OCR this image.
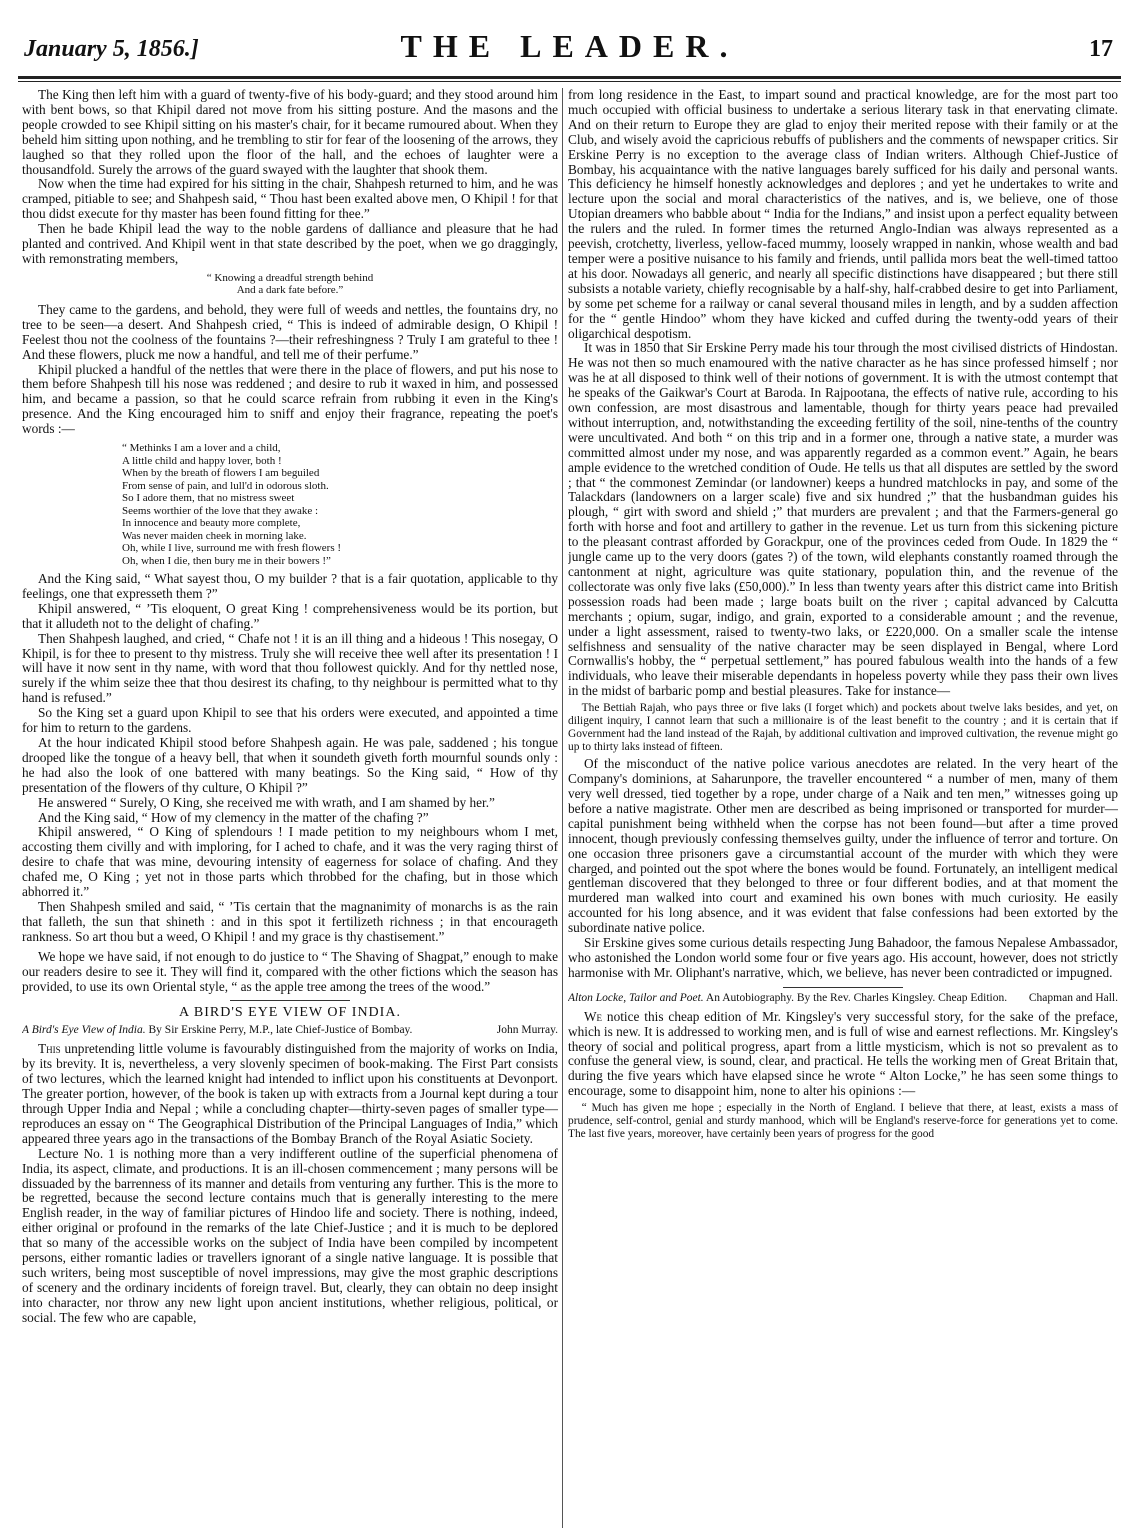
January 5, 1856.]	THE LEADER.	17

The King then left him with a guard of twenty-five of his body-guard; and they stood around him with bent bows, so that Khipil dared not move from his sitting posture. And the masons and the people crowded to see Khipil sitting on his master's chair, for it became rumoured about. When they beheld him sitting upon nothing, and he trembling to stir for fear of the loosening of the arrows, they laughed so that they rolled upon the floor of the hall, and the echoes of laughter were a thousandfold. Surely the arrows of the guard swayed with the laughter that shook them.

Now when the time had expired for his sitting in the chair, Shahpesh returned to him, and he was cramped, pitiable to see; and Shahpesh said, “ Thou hast been exalted above men, O Khipil ! for that thou didst execute for thy master has been found fitting for thee.”

Then he bade Khipil lead the way to the noble gardens of dalliance and pleasure that he had planted and contrived. And Khipil went in that state described by the poet, when we go draggingly, with remonstrating members,

“ Knowing a dreadful strength behind
And a dark fate before.”

They came to the gardens, and behold, they were full of weeds and nettles, the fountains dry, no tree to be seen—a desert. And Shahpesh cried, “ This is indeed of admirable design, O Khipil ! Feelest thou not the coolness of the fountains ?—their refreshingness ? Truly I am grateful to thee ! And these flowers, pluck me now a handful, and tell me of their perfume.”

Khipil plucked a handful of the nettles that were there in the place of flowers, and put his nose to them before Shahpesh till his nose was reddened ; and desire to rub it waxed in him, and possessed him, and became a passion, so that he could scarce refrain from rubbing it even in the King's presence. And the King encouraged him to sniff and enjoy their fragrance, repeating the poet's words :—

“ Methinks I am a lover and a child,
A little child and happy lover, both !
When by the breath of flowers I am beguiled
From sense of pain, and lull'd in odorous sloth.
So I adore them, that no mistress sweet
Seems worthier of the love that they awake :
In innocence and beauty more complete,
Was never maiden cheek in morning lake.
Oh, while I live, surround me with fresh flowers !
Oh, when I die, then bury me in their bowers !”

And the King said, “ What sayest thou, O my builder ? that is a fair quotation, applicable to thy feelings, one that expresseth them ?”

Khipil answered, “ ’Tis eloquent, O great King ! comprehensiveness would be its portion, but that it alludeth not to the delight of chafing.”

Then Shahpesh laughed, and cried, “ Chafe not ! it is an ill thing and a hideous ! This nosegay, O Khipil, is for thee to present to thy mistress. Truly she will receive thee well after its presentation ! I will have it now sent in thy name, with word that thou followest quickly. And for thy nettled nose, surely if the whim seize thee that thou desirest its chafing, to thy neighbour is permitted what to thy hand is refused.”

So the King set a guard upon Khipil to see that his orders were executed, and appointed a time for him to return to the gardens.

At the hour indicated Khipil stood before Shahpesh again. He was pale, saddened ; his tongue drooped like the tongue of a heavy bell, that when it soundeth giveth forth mournful sounds only : he had also the look of one battered with many beatings. So the King said, “ How of thy presentation of the flowers of thy culture, O Khipil ?”

He answered “ Surely, O King, she received me with wrath, and I am shamed by her.”

And the King said, “ How of my clemency in the matter of the chafing ?”

Khipil answered, “ O King of splendours ! I made petition to my neighbours whom I met, accosting them civilly and with imploring, for I ached to chafe, and it was the very raging thirst of desire to chafe that was mine, devouring intensity of eagerness for solace of chafing. And they chafed me, O King ; yet not in those parts which throbbed for the chafing, but in those which abhorred it.”

Then Shahpesh smiled and said, “ ’Tis certain that the magnanimity of monarchs is as the rain that falleth, the sun that shineth : and in this spot it fertilizeth richness ; in that encourageth rankness. So art thou but a weed, O Khipil ! and my grace is thy chastisement.”

We hope we have said, if not enough to do justice to “ The Shaving of Shagpat,” enough to make our readers desire to see it. They will find it, compared with the other fictions which the season has provided, to use its own Oriental style, “ as the apple tree among the trees of the wood.”

A BIRD'S EYE VIEW OF INDIA.
A Bird's Eye View of India. By Sir Erskine Perry, M.P., late Chief-Justice of Bombay.	John Murray.

This unpretending little volume is favourably distinguished from the majority of works on India, by its brevity. It is, nevertheless, a very slovenly specimen of book-making. The First Part consists of two lectures, which the learned knight had intended to inflict upon his constituents at Devonport. The greater portion, however, of the book is taken up with extracts from a Journal kept during a tour through Upper India and Nepal ; while a concluding chapter—thirty-seven pages of smaller type—reproduces an essay on “ The Geographical Distribution of the Principal Languages of India,” which appeared three years ago in the transactions of the Bombay Branch of the Royal Asiatic Society.

Lecture No. 1 is nothing more than a very indifferent outline of the superficial phenomena of India, its aspect, climate, and productions. It is an ill-chosen commencement ; many persons will be dissuaded by the barrenness of its manner and details from venturing any further. This is the more to be regretted, because the second lecture contains much that is generally interesting to the mere English reader, in the way of familiar pictures of Hindoo life and society. There is nothing, indeed, either original or profound in the remarks of the late Chief-Justice ; and it is much to be deplored that so many of the accessible works on the subject of India have been compiled by incompetent persons, either romantic ladies or travellers ignorant of a single native language. It is possible that such writers, being most susceptible of novel impressions, may give the most graphic descriptions of scenery and the ordinary incidents of foreign travel. But, clearly, they can obtain no deep insight into character, nor throw any new light upon ancient institutions, whether religious, political, or social. The few who are capable,

from long residence in the East, to impart sound and practical knowledge, are for the most part too much occupied with official business to undertake a serious literary task in that enervating climate. And on their return to Europe they are glad to enjoy their merited repose with their family or at the Club, and wisely avoid the capricious rebuffs of publishers and the comments of newspaper critics. Sir Erskine Perry is no exception to the average class of Indian writers. Although Chief-Justice of Bombay, his acquaintance with the native languages barely sufficed for his daily and personal wants. This deficiency he himself honestly acknowledges and deplores ; and yet he undertakes to write and lecture upon the social and moral characteristics of the natives, and is, we believe, one of those Utopian dreamers who babble about “ India for the Indians,” and insist upon a perfect equality between the rulers and the ruled. In former times the returned Anglo-Indian was always represented as a peevish, crotchetty, liverless, yellow-faced mummy, loosely wrapped in nankin, whose wealth and bad temper were a positive nuisance to his family and friends, until pallida mors beat the well-timed tattoo at his door. Nowadays all generic, and nearly all specific distinctions have disappeared ; but there still subsists a notable variety, chiefly recognisable by a half-shy, half-crabbed desire to get into Parliament, by some pet scheme for a railway or canal several thousand miles in length, and by a sudden affection for the “ gentle Hindoo” whom they have kicked and cuffed during the twenty-odd years of their oligarchical despotism.

It was in 1850 that Sir Erskine Perry made his tour through the most civilised districts of Hindostan. He was not then so much enamoured with the native character as he has since professed himself ; nor was he at all disposed to think well of their notions of government. It is with the utmost contempt that he speaks of the Gaikwar's Court at Baroda. In Rajpootana, the effects of native rule, according to his own confession, are most disastrous and lamentable, though for thirty years peace had prevailed without interruption, and, notwithstanding the exceeding fertility of the soil, nine-tenths of the country were uncultivated. And both “ on this trip and in a former one, through a native state, a murder was committed almost under my nose, and was apparently regarded as a common event.” Again, he bears ample evidence to the wretched condition of Oude. He tells us that all disputes are settled by the sword ; that “ the commonest Zemindar (or landowner) keeps a hundred matchlocks in pay, and some of the Talackdars (landowners on a larger scale) five and six hundred ;” that the husbandman guides his plough, “ girt with sword and shield ;” that murders are prevalent ; and that the Farmers-general go forth with horse and foot and artillery to gather in the revenue. Let us turn from this sickening picture to the pleasant contrast afforded by Gorackpur, one of the provinces ceded from Oude. In 1829 the “ jungle came up to the very doors (gates ?) of the town, wild elephants constantly roamed through the cantonment at night, agriculture was quite stationary, population thin, and the revenue of the collectorate was only five laks (£50,000).” In less than twenty years after this district came into British possession roads had been made ; large boats built on the river ; capital advanced by Calcutta merchants ; opium, sugar, indigo, and grain, exported to a considerable amount ; and the revenue, under a light assessment, raised to twenty-two laks, or £220,000. On a smaller scale the intense selfishness and sensuality of the native character may be seen displayed in Bengal, where Lord Cornwallis's hobby, the “ perpetual settlement,” has poured fabulous wealth into the hands of a few individuals, who leave their miserable dependants in hopeless poverty while they pass their own lives in the midst of barbaric pomp and bestial pleasures. Take for instance—

The Bettiah Rajah, who pays three or five laks (I forget which) and pockets about twelve laks besides, and yet, on diligent inquiry, I cannot learn that such a millionaire is of the least benefit to the country ; and it is certain that if Government had the land instead of the Rajah, by additional cultivation and improved cultivation, the revenue might go up to thirty laks instead of fifteen.

Of the misconduct of the native police various anecdotes are related. In the very heart of the Company's dominions, at Saharunpore, the traveller encountered “ a number of men, many of them very well dressed, tied together by a rope, under charge of a Naik and ten men,” witnesses going up before a native magistrate. Other men are described as being imprisoned or transported for murder—capital punishment being withheld when the corpse has not been found—but after a time proved innocent, though previously confessing themselves guilty, under the influence of terror and torture. On one occasion three prisoners gave a circumstantial account of the murder with which they were charged, and pointed out the spot where the bones would be found. Fortunately, an intelligent medical gentleman discovered that they belonged to three or four different bodies, and at that moment the murdered man walked into court and examined his own bones with much curiosity. He easily accounted for his long absence, and it was evident that false confessions had been extorted by the subordinate native police.

Sir Erskine gives some curious details respecting Jung Bahadoor, the famous Nepalese Ambassador, who astonished the London world some four or five years ago. His account, however, does not strictly harmonise with Mr. Oliphant's narrative, which, we believe, has never been contradicted or impugned.

Alton Locke, Tailor and Poet. An Autobiography. By the Rev. Charles Kingsley. Cheap Edition. Chapman and Hall.

We notice this cheap edition of Mr. Kingsley's very successful story, for the sake of the preface, which is new. It is addressed to working men, and is full of wise and earnest reflections. Mr. Kingsley's theory of social and political progress, apart from a little mysticism, which is not so prevalent as to confuse the general view, is sound, clear, and practical. He tells the working men of Great Britain that, during the five years which have elapsed since he wrote “ Alton Locke,” he has seen some things to encourage, some to disappoint him, none to alter his opinions :—

“ Much has given me hope ; especially in the North of England. I believe that there, at least, exists a mass of prudence, self-control, genial and sturdy manhood, which will be England's reserve-force for generations yet to come. The last five years, moreover, have certainly been years of progress for the good
